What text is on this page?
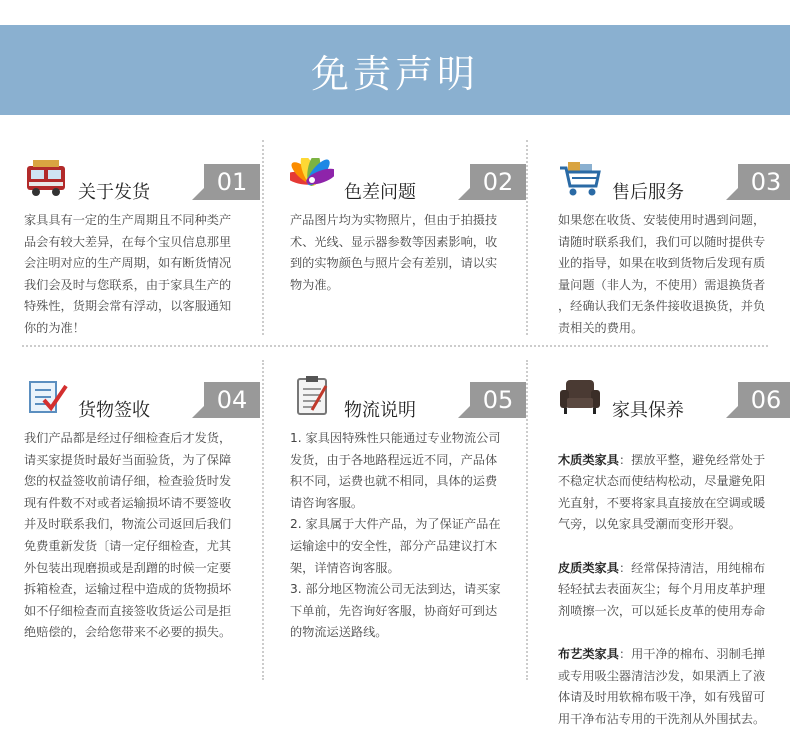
免责声明
关于发货	01
家具具有一定的生产周期且不同种类产
品会有较大差异，在每个宝贝信息那里
会注明对应的生产周期，如有断货情况
我们会及时与您联系，由于家具生产的
特殊性，货期会常有浮动，以客服通知
你的为准！
色差问题	02
产品图片均为实物照片，但由于拍摄技
术、光线、显示器参数等因素影响，收
到的实物颜色与照片会有差别，请以实
物为准。
售后服务	03
如果您在收货、安装使用时遇到问题，
请随时联系我们，我们可以随时提供专
业的指导，如果在收到货物后发现有质
量问题（非人为，不使用）需退换货者
，经确认我们无条件接收退换货，并负
责相关的费用。
货物签收	04
我们产品都是经过仔细检查后才发货，
请买家提货时最好当面验货，为了保障
您的权益签收前请仔细，检查验货时发
现有件数不对或者运输损坏请不要签收
并及时联系我们，物流公司返回后我们
免费重新发货〔请一定仔细检查，尤其
外包装出现磨损或是刮蹭的时候一定要
拆箱检查，运输过程中造成的货物损坏
如不仔细检查而直接签收货运公司是拒
绝赔偿的，会给您带来不必要的损失。
物流说明	05
1. 家具因特殊性只能通过专业物流公司
发货，由于各地路程远近不同，产品体
积不同，运费也就不相同，具体的运费
请咨询客服。
2. 家具属于大件产品，为了保证产品在
运输途中的安全性，部分产品建议打木
架，详情咨询客服。
3. 部分地区物流公司无法到达，请买家
下单前，先咨询好客服，协商好可到达
的物流运送路线。
家具保养	06

木质类家具：摆放平整，避免经常处于
不稳定状态而使结构松动，尽量避免阳
光直射，不要将家具直接放在空调或暖
气旁，以免家具受潮而变形开裂。

皮质类家具：经常保持清洁，用纯棉布
轻轻拭去表面灰尘；每个月用皮革护理
剂喷擦一次，可以延长皮革的使用寿命

布艺类家具：用干净的棉布、羽制毛掸
或专用吸尘器清洁沙发，如果洒上了液
体请及时用软棉布吸干净，如有残留可
用干净布沾专用的干洗剂从外围拭去。
